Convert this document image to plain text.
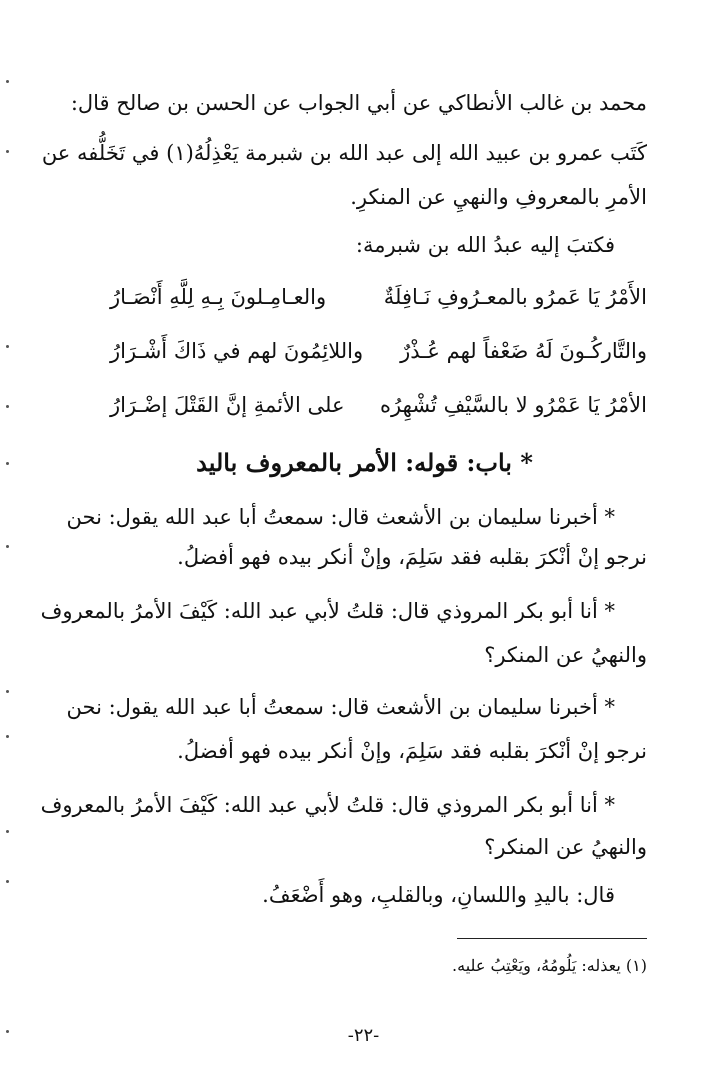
محمد بن غالب الأنطاكي عن أبي الجواب عن الحسن بن صالح قال:
كَتَب عمرو بن عبيد الله إلى عبد الله بن شبرمة يَعْذِلُهُ(١) في تَخَلُّفه عن
الأمرِ بالمعروفِ والنهيِ عن المنكرِ.
فكتبَ إليه عبدُ الله بن شبرمة:
الأَمْرُ يَا عَمرُو بالمعـرُوفِ نَـافِلَةٌ
والعـامِـلونَ بِـهِ لِلَّهِ أَنْصَـارُ
والتَّاركُـونَ لَهُ ضَعْفاً لهم عُـذْرٌ
واللائِمُونَ لهم في ذَاكَ أَشْـرَارُ
الأمْرُ يَا عَمْرُو لا بالسَّيْفِ تُشْهِرُه
على الأئمةِ إنَّ القَتْلَ إضْـرَارُ
* باب: قوله: الأمر بالمعروف باليد
* أخبرنا سليمان بن الأشعث قال: سمعتُ أبا عبد الله يقول: نحن
نرجو إنْ أنْكرَ بقلبه فقد سَلِمَ، وإنْ أنكر بيده فهو أفضلُ.
* أنا أبو بكر المروذي قال: قلتُ لأبي عبد الله: كَيْفَ الأمرُ بالمعروف
والنهيُ عن المنكر؟
* أخبرنا سليمان بن الأشعث قال: سمعتُ أبا عبد الله يقول: نحن
نرجو إنْ أنْكرَ بقلبه فقد سَلِمَ، وإنْ أنكر بيده فهو أفضلُ.
* أنا أبو بكر المروذي قال: قلتُ لأبي عبد الله: كَيْفَ الأمرُ بالمعروف
والنهيُ عن المنكر؟
قال: باليدِ واللسانِ، وبالقلبِ، وهو أَضْعَفُ.
(١) يعذله: يَلُومُهُ، ويَعْتِبُ عليه.
-٢٢-
